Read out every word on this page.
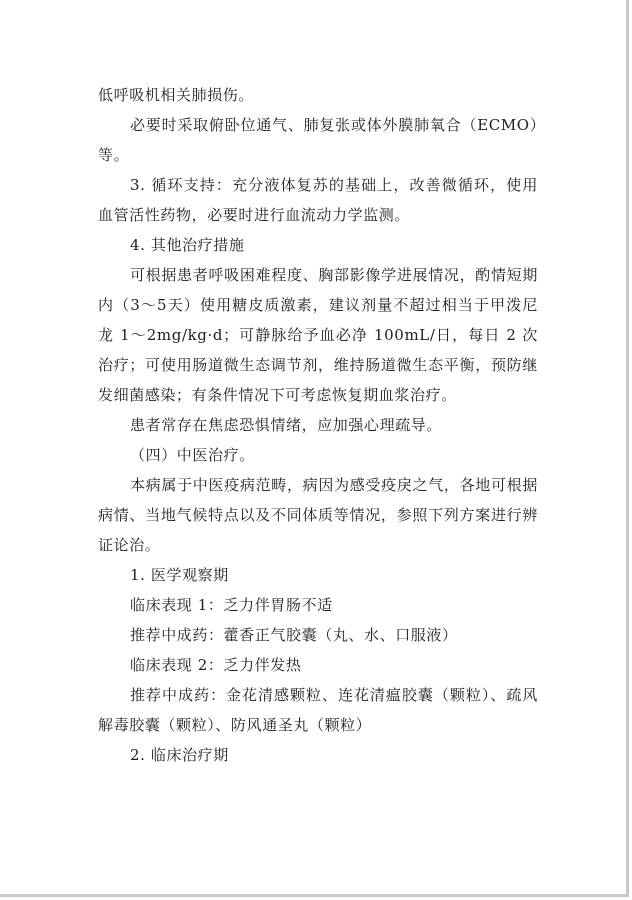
低呼吸机相关肺损伤。

必要时采取俯卧位通气、肺复张或体外膜肺氧合（ECMO）等。

3. 循环支持：充分液体复苏的基础上，改善微循环，使用血管活性药物，必要时进行血流动力学监测。

4. 其他治疗措施

可根据患者呼吸困难程度、胸部影像学进展情况，酌情短期内（3～5天）使用糖皮质激素，建议剂量不超过相当于甲泼尼龙 1～2mg/kg·d；可静脉给予血必净 100mL/日，每日 2 次治疗；可使用肠道微生态调节剂，维持肠道微生态平衡，预防继发细菌感染；有条件情况下可考虑恢复期血浆治疗。

患者常存在焦虑恐惧情绪，应加强心理疏导。

（四）中医治疗。

本病属于中医疫病范畴，病因为感受疫戾之气，各地可根据病情、当地气候特点以及不同体质等情况，参照下列方案进行辨证论治。

1. 医学观察期

临床表现 1：乏力伴胃肠不适

推荐中成药：藿香正气胶囊（丸、水、口服液）

临床表现 2：乏力伴发热

推荐中成药：金花清感颗粒、连花清瘟胶囊（颗粒）、疏风解毒胶囊（颗粒）、防风通圣丸（颗粒）

2. 临床治疗期
